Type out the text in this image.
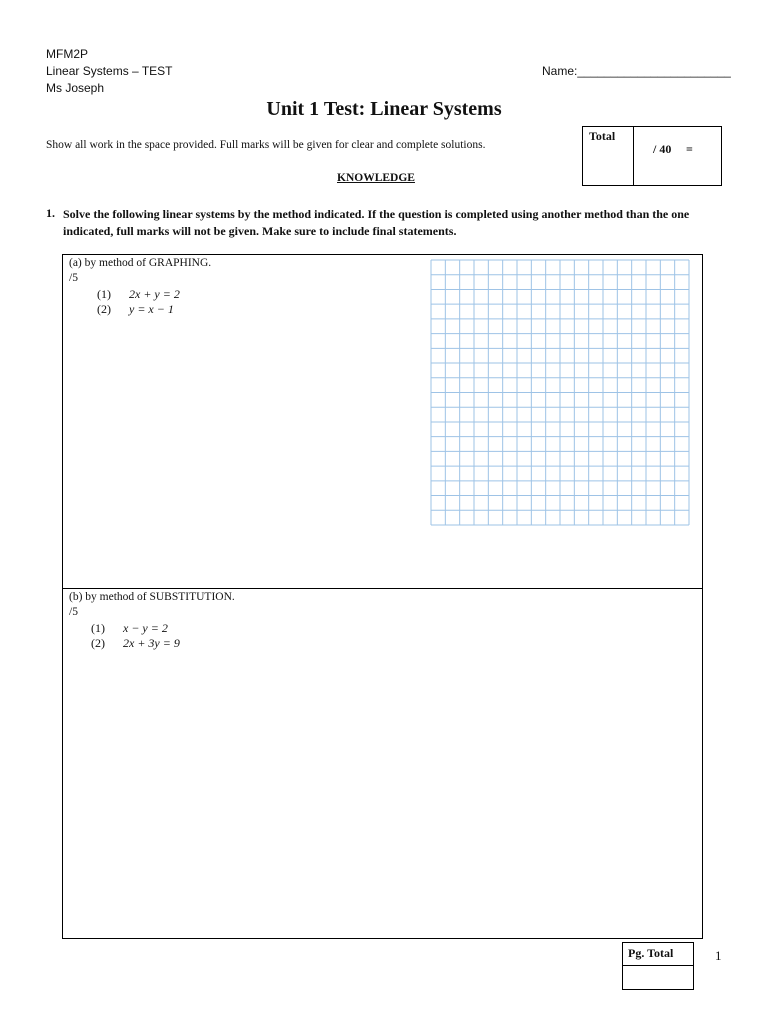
MFM2P
Linear Systems – TEST
Ms Joseph
Name:_______________________
Unit 1 Test: Linear Systems
Show all work in the space provided. Full marks will be given for clear and complete solutions.
Total
/ 40 =
KNOWLEDGE
1. Solve the following linear systems by the method indicated. If the question is completed using another method than the one indicated, full marks will not be given. Make sure to include final statements.
(a) by method of GRAPHING.
/5
(1) 2x + y = 2
(2) y = x − 1
(b) by method of SUBSTITUTION.
/5
(1) x − y = 2
(2) 2x + 3y = 9
Pg. Total	1
